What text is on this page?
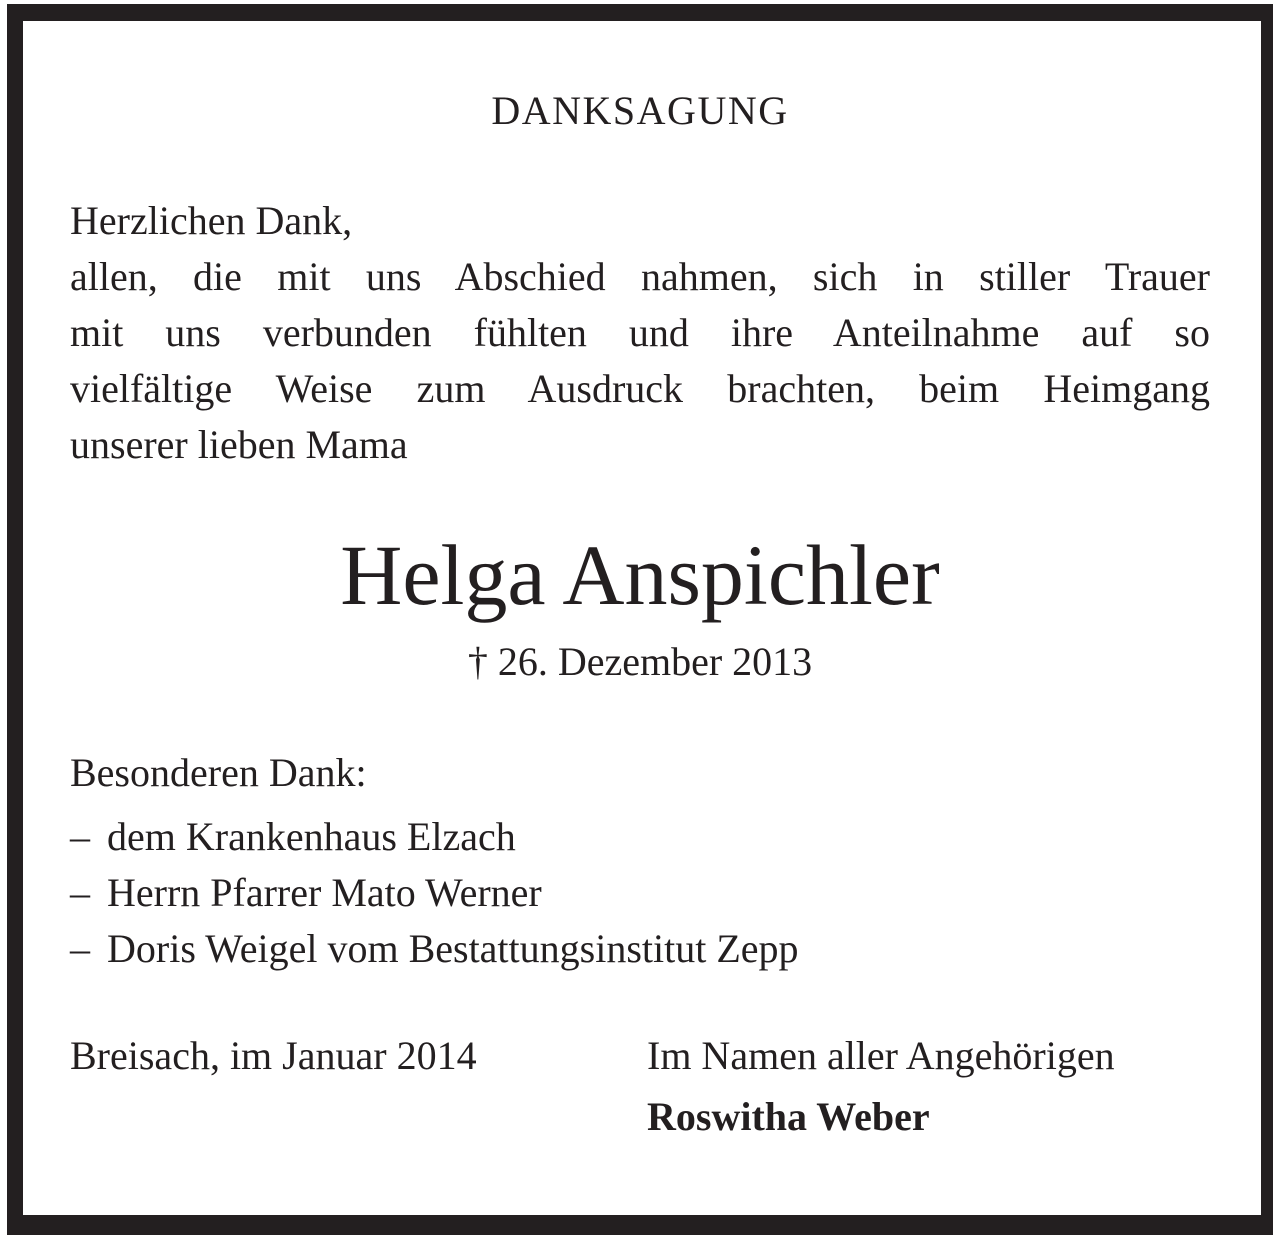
DANKSAGUNG
Herzlichen Dank,
allen, die mit uns Abschied nahmen, sich in stiller Trauer
mit uns verbunden fühlten und ihre Anteilnahme auf so
vielfältige Weise zum Ausdruck brachten, beim Heimgang
unserer lieben Mama
Helga Anspichler
† 26. Dezember 2013
Besonderen Dank:
– dem Krankenhaus Elzach
– Herrn Pfarrer Mato Werner
– Doris Weigel vom Bestattungsinstitut Zepp
Breisach, im Januar 2014	Im Namen aller Angehörigen
Roswitha Weber
